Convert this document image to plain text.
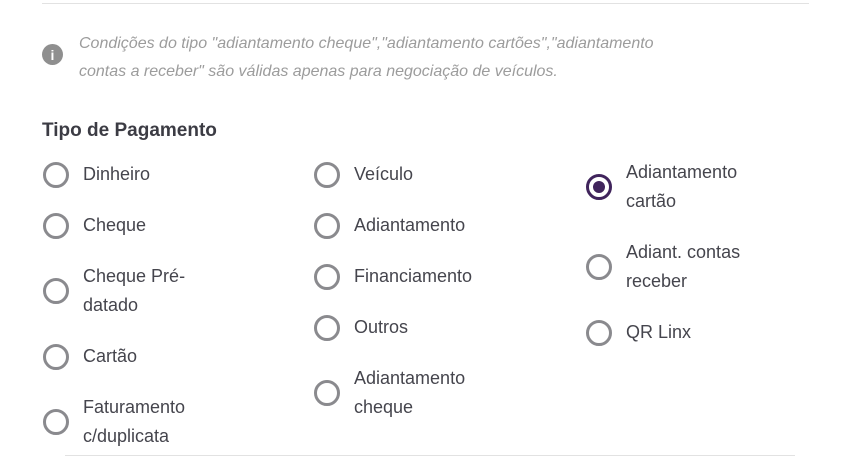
i
Condições do tipo "adiantamento cheque","adiantamento cartões","adiantamento
contas a receber" são válidas apenas para negociação de veículos.
Tipo de Pagamento
Dinheiro
Cheque
Cheque Pré-datado
Cartão
Faturamento c/duplicata
Veículo
Adiantamento
Financiamento
Outros
Adiantamento cheque
Adiantamento cartão
Adiant. contas receber
QR Linx
